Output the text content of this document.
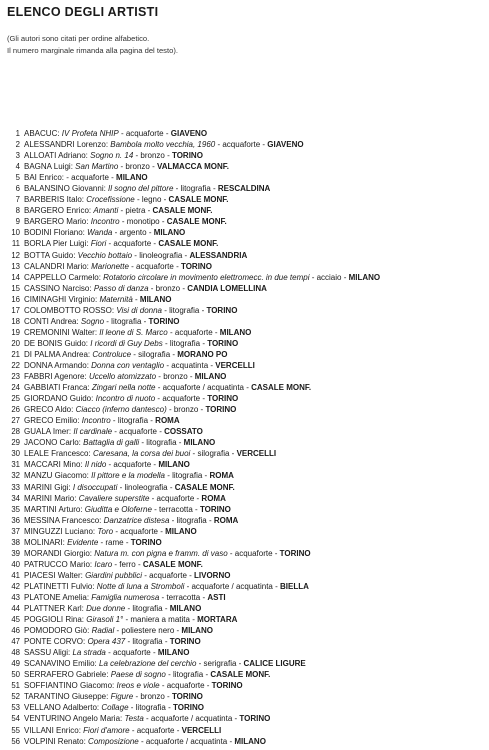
ELENCO DEGLI ARTISTI
(Gli autori sono citati per ordine alfabetico.
Il numero marginale rimanda alla pagina del testo).
1 ABACUC: IV Profeta NHIP - acquaforte - GIAVENO
2 ALESSANDRI Lorenzo: Bambola molto vecchia, 1960 - acquaforte - GIAVENO
3 ALLOATI Adriano: Sogno n. 14 - bronzo - TORINO
4 BAGNA Luigi: San Martino - bronzo - VALMACCA MONF.
5 BAI Enrico: - acquaforte - MILANO
6 BALANSINO Giovanni: Il sogno del pittore - litografia - RESCALDINA
7 BARBERIS Italo: Crocefissione - legno - CASALE MONF.
8 BARGERO Enrico: Amanti - pietra - CASALE MONF.
9 BARGERO Mario: Incontro - monotipo - CASALE MONF.
10 BODINI Floriano: Wanda - argento - MILANO
11 BORLA Pier Luigi: Fiori - acquaforte - CASALE MONF.
12 BOTTA Guido: Vecchio bottaio - linoleografia - ALESSANDRIA
13 CALANDRI Mario: Marionette - acquaforte - TORINO
14 CAPPELLO Carmelo: Rotatorio circolare in movimento elettromecc. in due tempi - acciaio - MILANO
15 CASSINO Narciso: Passo di danza - bronzo - CANDIA LOMELLINA
16 CIMINAGHI Virginio: Maternità - MILANO
17 COLOMBOTTO ROSSO: Visi di donna - litografia - TORINO
18 CONTI Andrea: Sogno - litografia - TORINO
19 CREMONINI Walter: Il leone di S. Marco - acquaforte - MILANO
20 DE BONIS Guido: I ricordi di Guy Debs - litografia - TORINO
21 DI PALMA Andrea: Controluce - silografia - MORANO PO
22 DONNA Armando: Donna con ventaglio - acquatinta - VERCELLI
23 FABBRI Agenore: Uccello atomizzato - bronzo - MILANO
24 GABBIATI Franca: Zingari nella notte - acquaforte / acquatinta - CASALE MONF.
25 GIORDANO Guido: Incontro di nuoto - acquaforte - TORINO
26 GRECO Aldo: Ciacco (inferno dantesco) - bronzo - TORINO
27 GRECO Emilio: Incontro - litografia - ROMA
28 GUALA Imer: Il cardinale - acquaforte - COSSATO
29 JACONO Carlo: Battaglia di galli - litografia - MILANO
30 LEALE Francesco: Caresana, la corsa dei buoi - silografia - VERCELLI
31 MACCARI Mino: Il nido - acquaforte - MILANO
32 MANZU Giacomo: Il pittore e la modella - litografia - ROMA
33 MARINI Gigi: I disoccupati - linoleografia - CASALE MONF.
34 MARINI Mario: Cavaliere superstite - acquaforte - ROMA
35 MARTINI Arturo: Giuditta e Oloferne - terracotta - TORINO
36 MESSINA Francesco: Danzatrice distesa - litografia - ROMA
37 MINGUZZI Luciano: Toro - acquaforte - MILANO
38 MOLINARI: Evidente - rame - TORINO
39 MORANDI Giorgio: Natura m. con pigna e framm. di vaso - acquaforte - TORINO
40 PATRUCCO Mario: Icaro - ferro - CASALE MONF.
41 PIACESI Walter: Giardini pubblici - acquaforte - LIVORNO
42 PLATINETTI Fulvio: Notte di luna a Stromboli - acquaforte / acquatinta - BIELLA
43 PLATONE Amelia: Famiglia numerosa - terracotta - ASTI
44 PLATTNER Karl: Due donne - litografia - MILANO
45 POGGIOLI Rina: Girasoli 1° - maniera a matita - MORTARA
46 POMODORO Giò: Radial - poliestere nero - MILANO
47 PONTE CORVO: Opera 437 - litografia - TORINO
48 SASSU Aligi: La strada - acquaforte - MILANO
49 SCANAVINO Emilio: La celebrazione del cerchio - serigrafia - CALICE LIGURE
50 SERRAFERO Gabriele: Paese di sogno - litografia - CASALE MONF.
51 SOFFIANTINO Giacomo: Ireos e viole - acquaforte - TORINO
52 TARANTINO Giuseppe: Figure - bronzo - TORINO
53 VELLANO Adalberto: Collage - litografia - TORINO
54 VENTURINO Angelo Maria: Testa - acquaforte / acquatinta - TORINO
55 VILLANI Enrico: Fiori d'amore - acquaforte - VERCELLI
56 VOLPINI Renato: Composizione - acquaforte / acquatinta - MILANO
